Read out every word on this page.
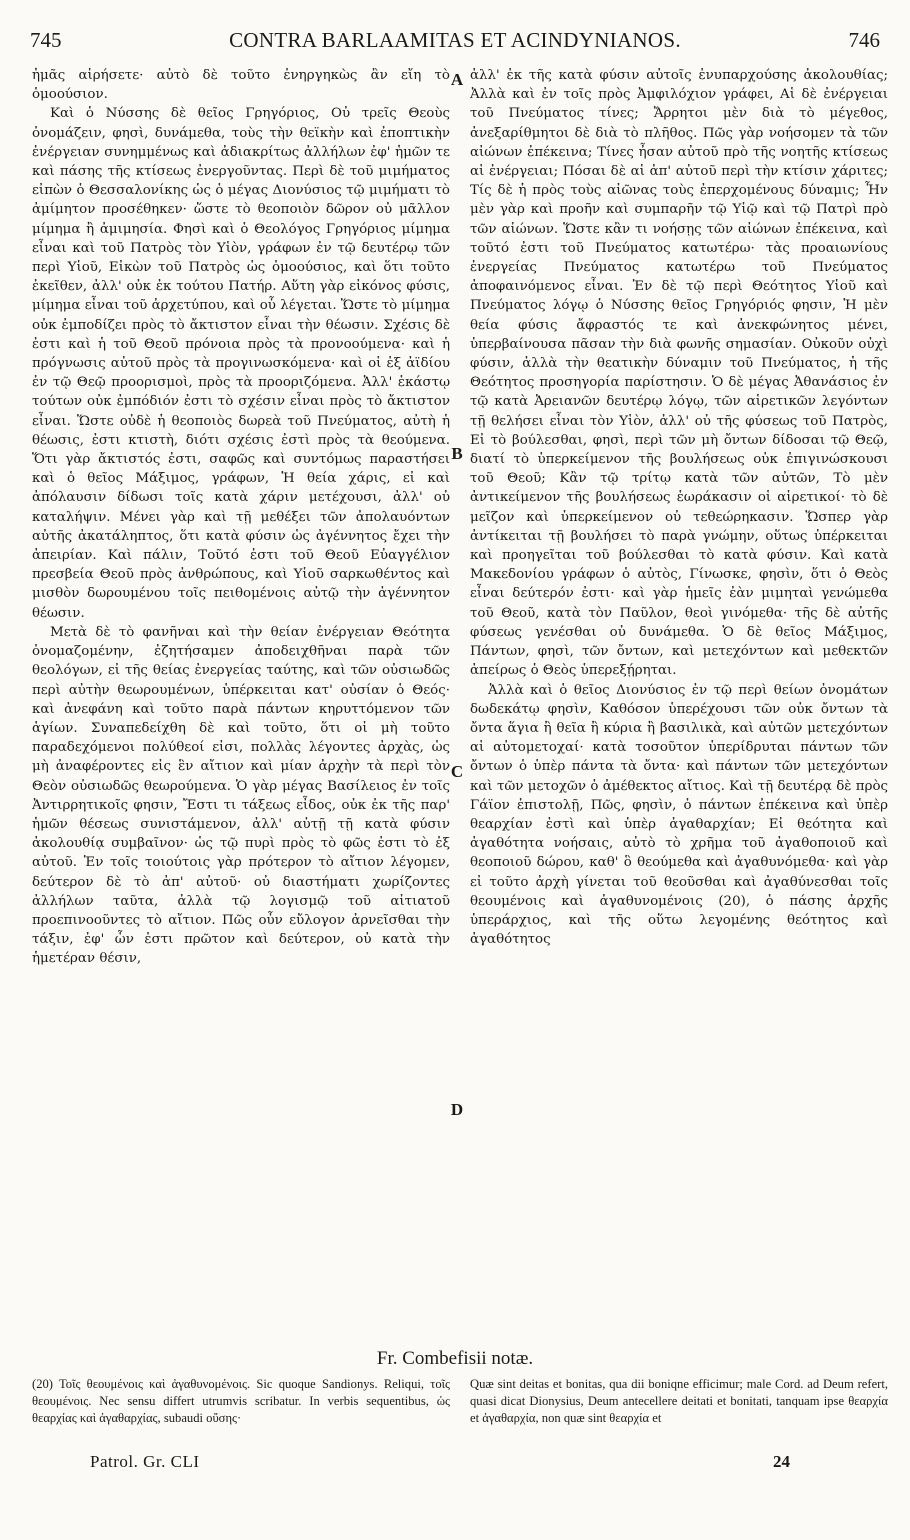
745	CONTRA BARLAAMITAS ET ACINDYNIANOS.	746

ἡμᾶς αἱρήσετε· αὐτὸ δὲ τοῦτο ἐνηργηκὼς ἂν εἴη τὸ ὁμοούσιον.

Καὶ ὁ Νύσσης δὲ θεῖος Γρηγόριος, Οὐ τρεῖς Θεοὺς ὀνομάζειν, φησὶ, δυνάμεθα, τοὺς τὴν θεϊκὴν καὶ ἐποπτικὴν ἐνέργειαν συνημμένως καὶ ἀδιακρίτως ἀλλήλων ἐφ' ἡμῶν τε καὶ πάσης τῆς κτίσεως ἐνεργοῦντας. Περὶ δὲ τοῦ μιμήματος εἰπὼν ὁ Θεσσαλονίκης ὡς ὁ μέγας Διονύσιος τῷ μιμήματι τὸ ἀμίμητον προσέθηκεν· ὥστε τὸ θεοποιὸν δῶρον οὐ μᾶλλον μίμημα ἢ ἀμιμησία. Φησὶ καὶ ὁ Θεολόγος Γρηγόριος μίμημα εἶναι καὶ τοῦ Πατρὸς τὸν Υἱὸν, γράφων ἐν τῷ δευτέρῳ τῶν περὶ Υἱοῦ, Εἰκὼν τοῦ Πατρὸς ὡς ὁμοούσιος, καὶ ὅτι τοῦτο ἐκεῖθεν, ἀλλ' οὐκ ἐκ τούτου Πατήρ. Αὕτη γὰρ εἰκόνος φύσις, μίμημα εἶναι τοῦ ἀρχετύπου, καὶ οὗ λέγεται. Ὥστε τὸ μίμημα οὐκ ἐμποδίζει πρὸς τὸ ἄκτιστον εἶναι τὴν θέωσιν. Σχέσις δὲ ἐστι καὶ ἡ τοῦ Θεοῦ πρόνοια πρὸς τὰ προνοούμενα· καὶ ἡ πρόγνωσις αὐτοῦ πρὸς τὰ προγινωσκόμενα· καὶ οἱ ἐξ ἀϊδίου ἐν τῷ Θεῷ προορισμοὶ, πρὸς τὰ προοριζόμενα. Ἀλλ' ἑκάστῳ τούτων οὐκ ἐμπόδιόν ἐστι τὸ σχέσιν εἶναι πρὸς τὸ ἄκτιστον εἶναι. Ὥστε οὐδὲ ἡ θεοποιὸς δωρεὰ τοῦ Πνεύματος, αὐτὴ ἡ θέωσις, ἐστι κτιστὴ, διότι σχέσις ἐστὶ πρὸς τὰ θεούμενα. Ὅτι γὰρ ἄκτιστός ἐστι, σαφῶς καὶ συντόμως παραστήσει καὶ ὁ θεῖος Μάξιμος, γράφων, Ἡ θεία χάρις, εἰ καὶ ἀπόλαυσιν δίδωσι τοῖς κατὰ χάριν μετέχουσι, ἀλλ' οὐ καταλήψιν. Μένει γὰρ καὶ τῇ μεθέξει τῶν ἀπολαυόντων αὐτῆς ἀκατάληπτος, ὅτι κατὰ φύσιν ὡς ἀγέννητος ἔχει τὴν ἀπειρίαν. Καὶ πάλιν, Τοῦτό ἐστι τοῦ Θεοῦ Εὐαγγέλιον πρεσβεία Θεοῦ πρὸς ἀνθρώπους, καὶ Υἱοῦ σαρκωθέντος καὶ μισθὸν δωρουμένου τοῖς πειθομένοις αὐτῷ τὴν ἀγέννητον θέωσιν.

Μετὰ δὲ τὸ φανῆναι καὶ τὴν θείαν ἐνέργειαν Θεότητα ὀνομαζομένην, ἐζητήσαμεν ἀποδειχθῆναι παρὰ τῶν θεολόγων, εἰ τῆς θείας ἐνεργείας ταύτης, καὶ τῶν οὐσιωδῶς περὶ αὐτὴν θεωρουμένων, ὑπέρκειται κατ' οὐσίαν ὁ Θεός· καὶ ἀνεφάνη καὶ τοῦτο παρὰ πάντων κηρυττόμενον τῶν ἁγίων. Συναπεδείχθη δὲ καὶ τοῦτο, ὅτι οἱ μὴ τοῦτο παραδεχόμενοι πολύθεοί εἰσι, πολλὰς λέγοντες ἀρχὰς, ὡς μὴ ἀναφέροντες εἰς ἓν αἴτιον καὶ μίαν ἀρχὴν τὰ περὶ τὸν Θεὸν οὐσιωδῶς θεωρούμενα. Ὁ γὰρ μέγας Βασίλειος ἐν τοῖς Ἀντιρρητικοῖς φησιν, Ἔστι τι τάξεως εἶδος, οὐκ ἐκ τῆς παρ' ἡμῶν θέσεως συνιστάμενον, ἀλλ' αὐτῇ τῇ κατὰ φύσιν ἀκολουθίᾳ συμβαῖνον· ὡς τῷ πυρὶ πρὸς τὸ φῶς ἐστι τὸ ἐξ αὐτοῦ. Ἐν τοῖς τοιούτοις γὰρ πρότερον τὸ αἴτιον λέγομεν, δεύτερον δὲ τὸ ἀπ' αὐτοῦ· οὐ διαστήματι χωρίζοντες ἀλλήλων ταῦτα, ἀλλὰ τῷ λογισμῷ τοῦ αἰτιατοῦ προεπινοοῦντες τὸ αἴτιον. Πῶς οὖν εὔλογον ἀρνεῖσθαι τὴν τάξιν, ἐφ' ὧν ἐστι πρῶτον καὶ δεύτερον, οὐ κατὰ τὴν ἡμετέραν θέσιν,

A
B
C
D

ἀλλ' ἐκ τῆς κατὰ φύσιν αὐτοῖς ἐνυπαρχούσης ἀκολουθίας; Ἀλλὰ καὶ ἐν τοῖς πρὸς Ἀμφιλόχιον γράφει, Αἱ δὲ ἐνέργειαι τοῦ Πνεύματος τίνες; Ἄρρητοι μὲν διὰ τὸ μέγεθος, ἀνεξαρίθμητοι δὲ διὰ τὸ πλῆθος. Πῶς γὰρ νοήσομεν τὰ τῶν αἰώνων ἐπέκεινα; Τίνες ἦσαν αὐτοῦ πρὸ τῆς νοητῆς κτίσεως αἱ ἐνέργειαι; Πόσαι δὲ αἱ ἀπ' αὐτοῦ περὶ τὴν κτίσιν χάριτες; Τίς δὲ ἡ πρὸς τοὺς αἰῶνας τοὺς ἐπερχομένους δύναμις; Ἦν μὲν γὰρ καὶ προῆν καὶ συμπαρῆν τῷ Υἱῷ καὶ τῷ Πατρὶ πρὸ τῶν αἰώνων. Ὥστε κἂν τι νοήσῃς τῶν αἰώνων ἐπέκεινα, καὶ τοῦτό ἐστι τοῦ Πνεύματος κατωτέρω· τὰς προαιωνίους ἐνεργείας Πνεύματος κατωτέρω τοῦ Πνεύματος ἀποφαινόμενος εἶναι. Ἐν δὲ τῷ περὶ Θεότητος Υἱοῦ καὶ Πνεύματος λόγῳ ὁ Νύσσης θεῖος Γρηγόριός φησιν, Ἡ μὲν θεία φύσις ἄφραστός τε καὶ ἀνεκφώνητος μένει, ὑπερβαίνουσα πᾶσαν τὴν διὰ φωνῆς σημασίαν. Οὐκοῦν οὐχὶ φύσιν, ἀλλὰ τὴν θεατικὴν δύναμιν τοῦ Πνεύματος, ἡ τῆς Θεότητος προσηγορία παρίστησιν. Ὁ δὲ μέγας Ἀθανάσιος ἐν τῷ κατὰ Ἀρειανῶν δευτέρῳ λόγῳ, τῶν αἱρετικῶν λεγόντων τῇ θελήσει εἶναι τὸν Υἱὸν, ἀλλ' οὐ τῆς φύσεως τοῦ Πατρὸς, Εἰ τὸ βούλεσθαι, φησὶ, περὶ τῶν μὴ ὄντων δίδοσαι τῷ Θεῷ, διατί τὸ ὑπερκείμενον τῆς βουλήσεως οὐκ ἐπιγινώσκουσι τοῦ Θεοῦ; Κἂν τῷ τρίτῳ κατὰ τῶν αὐτῶν, Τὸ μὲν ἀντικείμενον τῆς βουλήσεως ἑωράκασιν οἱ αἱρετικοί· τὸ δὲ μεῖζον καὶ ὑπερκείμενον οὐ τεθεώρηκασιν. Ὥσπερ γὰρ ἀντίκειται τῇ βουλήσει τὸ παρὰ γνώμην, οὕτως ὑπέρκειται καὶ προηγεῖται τοῦ βούλεσθαι τὸ κατὰ φύσιν. Καὶ κατὰ Μακεδονίου γράφων ὁ αὐτὸς, Γίνωσκε, φησὶν, ὅτι ὁ Θεὸς εἶναι δεύτερόν ἐστι· καὶ γὰρ ἡμεῖς ἐὰν μιμηταὶ γενώμεθα τοῦ Θεοῦ, κατὰ τὸν Παῦλον, θεοὶ γινόμεθα· τῆς δὲ αὐτῆς φύσεως γενέσθαι οὐ δυνάμεθα. Ὁ δὲ θεῖος Μάξιμος, Πάντων, φησὶ, τῶν ὄντων, καὶ μετεχόντων καὶ μεθεκτῶν ἀπείρως ὁ Θεὸς ὑπερεξῄρηται.

Ἀλλὰ καὶ ὁ θεῖος Διονύσιος ἐν τῷ περὶ θείων ὀνομάτων δωδεκάτῳ φησὶν, Καθόσον ὑπερέχουσι τῶν οὐκ ὄντων τὰ ὄντα ἅγια ἢ θεῖα ἢ κύρια ἢ βασιλικὰ, καὶ αὐτῶν μετεχόντων αἱ αὐτομετοχαί· κατὰ τοσοῦτον ὑπερίδρυται πάντων τῶν ὄντων ὁ ὑπὲρ πάντα τὰ ὄντα· καὶ πάντων τῶν μετεχόντων καὶ τῶν μετοχῶν ὁ ἀμέθεκτος αἴτιος. Καὶ τῇ δευτέρᾳ δὲ πρὸς Γάϊον ἐπιστολῇ, Πῶς, φησὶν, ὁ πάντων ἐπέκεινα καὶ ὑπὲρ θεαρχίαν ἐστὶ καὶ ὑπὲρ ἀγαθαρχίαν; Εἰ θεότητα καὶ ἀγαθότητα νοήσαις, αὐτὸ τὸ χρῆμα τοῦ ἀγαθοποιοῦ καὶ θεοποιοῦ δώρου, καθ' ὃ θεούμεθα καὶ ἀγαθυνόμεθα· καὶ γὰρ εἰ τοῦτο ἀρχὴ γίνεται τοῦ θεοῦσθαι καὶ ἀγαθύνεσθαι τοῖς θεουμένοις καὶ ἀγαθυνομένοις (20), ὁ πάσης ἀρχῆς ὑπεράρχιος, καὶ τῆς οὕτω λεγομένης θεότητος καὶ ἀγαθότητος

Fr. Combefisii notæ.
(20) Τοῖς θεουμένοις καὶ ἀγαθυνομένοις. Sic quoque Sandionys. Reliqui, τοῖς θεουμένοις. Nec sensu differt utrumvis scribatur. In verbis sequentibus, ὡς θεαρχίας καὶ ἀγαθαρχίας, subaudi οὔσης·
Quæ sint deitas et bonitas, qua dii boniqne efficimur; male Cord. ad Deum refert, quasi dicat Dionysius, Deum antecellere deitati et bonitati, tanquam ipse θεαρχία et ἀγαθαρχία, non quæ sint θεαρχία et
Patrol. Gr. CLI	24
